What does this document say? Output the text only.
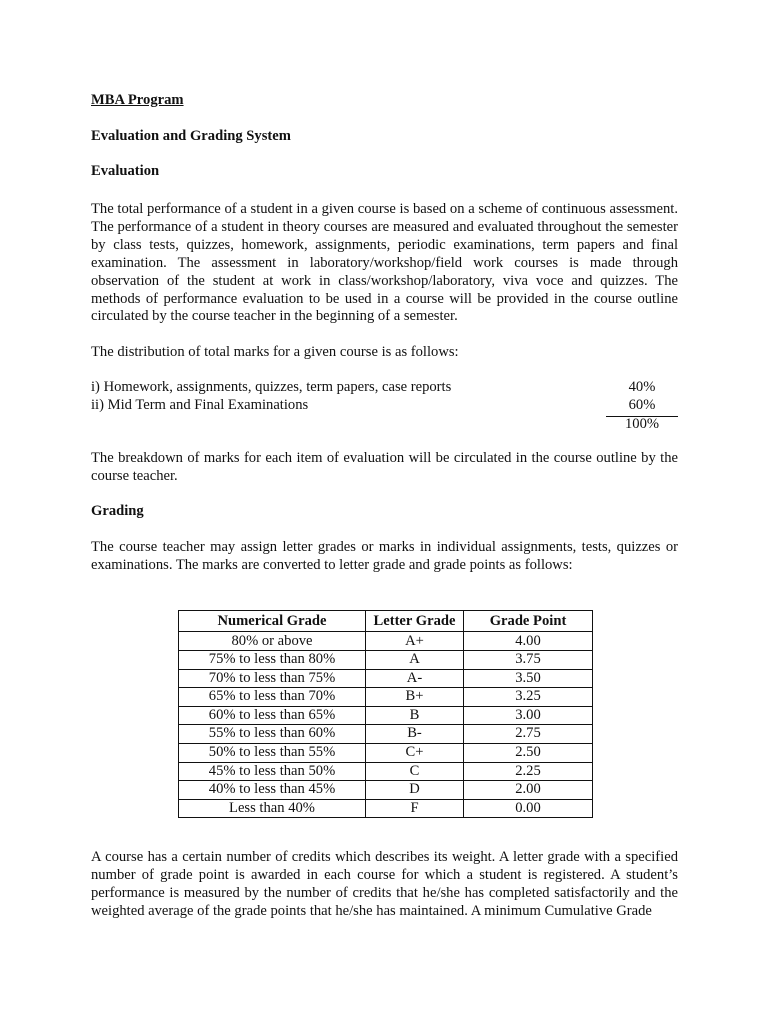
MBA Program
Evaluation and Grading System
Evaluation

The total performance of a student in a given course is based on a scheme of continuous assessment. The performance of a student in theory courses are measured and evaluated throughout the semester by class tests, quizzes, homework, assignments, periodic examinations, term papers and final examination. The assessment in laboratory/workshop/field work courses is made through observation of the student at work in class/workshop/laboratory, viva voce and quizzes. The methods of performance evaluation to be used in a course will be provided in the course outline circulated by the course teacher in the beginning of a semester.

The distribution of total marks for a given course is as follows:

i) Homework, assignments, quizzes, term papers, case reports	40%
ii) Mid Term and Final Examinations	60%
100%

The breakdown of marks for each item of evaluation will be circulated in the course outline by the course teacher.

Grading

The course teacher may assign letter grades or marks in individual assignments, tests, quizzes or examinations. The marks are converted to letter grade and grade points as follows:

Numerical Grade	Letter Grade	Grade Point
80% or above	A+	4.00
75% to less than 80%	A	3.75
70% to less than 75%	A-	3.50
65% to less than 70%	B+	3.25
60% to less than 65%	B	3.00
55% to less than 60%	B-	2.75
50% to less than 55%	C+	2.50
45% to less than 50%	C	2.25
40% to less than 45%	D	2.00
Less than 40%	F	0.00

A course has a certain number of credits which describes its weight. A letter grade with a specified number of grade point is awarded in each course for which a student is registered. A student’s performance is measured by the number of credits that he/she has completed satisfactorily and the weighted average of the grade points that he/she has maintained. A minimum Cumulative Grade
